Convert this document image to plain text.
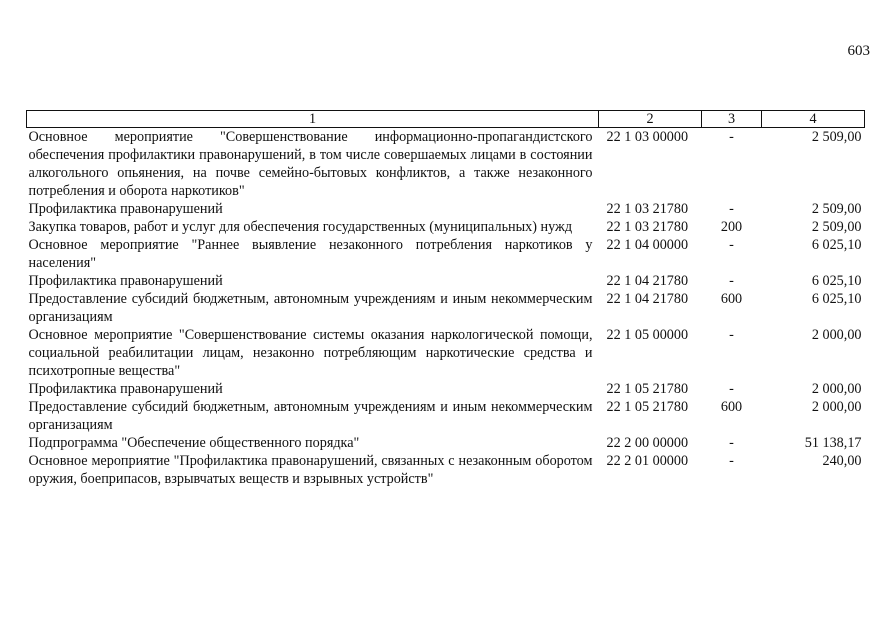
603
1	2	3	4
Основное мероприятие "Совершенствование информационно-пропагандистского обеспечения профилактики правонарушений, в том числе совершаемых лицами в состоянии алкогольного опьянения, на почве семейно-бытовых конфликтов, а также незаконного потребления и оборота наркотиков"	22 1 03 00000	-	2 509,00
Профилактика правонарушений	22 1 03 21780	-	2 509,00
Закупка товаров, работ и услуг для обеспечения государственных (муниципальных) нужд	22 1 03 21780	200	2 509,00
Основное мероприятие "Раннее выявление незаконного потребления наркотиков у населения"	22 1 04 00000	-	6 025,10
Профилактика правонарушений	22 1 04 21780	-	6 025,10
Предоставление субсидий бюджетным, автономным учреждениям и иным некоммерческим организациям	22 1 04 21780	600	6 025,10
Основное мероприятие "Совершенствование системы оказания наркологической помощи, социальной реабилитации лицам, незаконно потребляющим наркотические средства и психотропные вещества"	22 1 05 00000	-	2 000,00
Профилактика правонарушений	22 1 05 21780	-	2 000,00
Предоставление субсидий бюджетным, автономным учреждениям и иным некоммерческим организациям	22 1 05 21780	600	2 000,00
Подпрограмма "Обеспечение общественного порядка"	22 2 00 00000	-	51 138,17
Основное мероприятие "Профилактика правонарушений, связанных с незаконным оборотом оружия, боеприпасов, взрывчатых веществ и взрывных устройств"	22 2 01 00000	-	240,00
